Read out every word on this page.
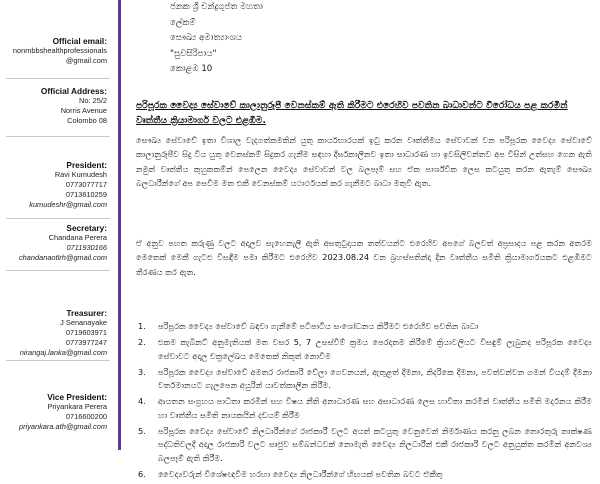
Official email:
nonmbbshealthprofessionals
@gmail.com
Official Address:
No: 25/2
Norris Avenue
Colombo 08
President:
Ravi Kumudesh
0773077717
0713610259
kumudeshr@gmail.com
Secretary:
Chandana Perera
0711930166
chandanaotlrh@gmail.com
Treasurer:
J Senanayake
0719603971
0773977247
nirangaj.lanka@gmail.com
Vice President:
Priyankara Perera
0716600200
priyankara.ath@gmail.com
ජනක ශ්‍රී චන්ද්‍රගුප්ත මහතා
ලේකම්
සෞඛ්‍ය අමාත්‍යාංශය
"සුවසිරිපාය"
කොළඹ 10
පරිපූරක වෛද්‍ය සේවාවේ කාලානුරූපී වෙනස්කම් ඇති කිරීමට එරෙහිව පවතින බාධාවන්ට විරෝධය පළ කරමින් වෘත්තීය ක්‍රියාමාර්ග වලට එළඹීම.
සෞඛ්‍ය සේවාවේ ඉතා විශාල වැදගත්කමකින් යුතු කාර්යභාරයක් ඉටු කරන වෘත්තීමය සේවාවක් වන පරිපූරක වෛද්‍ය සේවාවේ කාලානුරූපීව සිදු විය යුතු වෙනස්කම් සිදුකර ගැනීම සඳහා දීර්ඝකාලීනව ඉතා සාධාරණ හා ඉවසිලිවන්තව අප විසින් උත්සහ ගෙන ඇති නමුත් වෘත්තීය කුහුකකම්න් පෙලෙන වෛද්‍ය සේවාවන් වල බලපෑම් සහ ඒක පාර්ශ්වික ලෙස කටයුතු කරන ඇතැම් සෞඛ්‍ය බලධාරීන්ගේ අප සෙවීම මත එකී වෙනස්කම් යථාර්ථයක් කර ගැනීමට බාධා මතුවී ඇත.
ඒ අනුව පහත කරුණු වලට අදාලව සැහෙනැලී ඇති අසතුටුදායක තත්වයන්ට එරෙහිව අපගේ බලවත් අප්‍රසාදය පළ කරන අතරම මෙතෙක් මෙකී ගැටළු විසඳීම පමා කිරීමට එරෙහිව 2023.08.24 වන බ්‍රහස්පතින්දා දින වෘත්තීය සමිති ක්‍රියාමාර්ගයකට එළඹීමට තීරණය කර ඇත.
1. පරිපූරක වෛද්‍ය සේවාවේ බඳවා ගැනීමේ පටිපාටිය සංශෝධනය කිරීමට එරෙහිව පවතින බාධා
2. එකම කැබිනට් අනුමැතියක් මත වසර 5, 7 උසස්වීම් ක්‍රමය පෙරදාතම කිරීමේ ක්‍රියාවලියට විසඳුම් ලැබුනද පරිපූරක වෛද්‍ය සේවාවට අදාල චක්‍රලේඛය මෙතෙක් නිකුත් නොවීම
3. පරිපූරක වෛද්‍ය සේවාවේ අමතර රාජකාරි වේලා ගෙවනයන්, ඇතුළත් දීමනා, නිදරිකෙ දීමනා, පවත්වන්වන ගමන් වියදම් දීමනා වර්තමානයට ගැලපෙන අයුරින් යාවත්කාලීන කිරීම.
4. ආයතන සංග්‍රහය පාධිතා කරමින් සහ විෂය නීති අනාධාරණ සහ අසාධාරණ ලෙස හාවිතා කරමින් වෘත්තීය සමිති මර්දනය කිරීම හා වෘත්තීය සමිති නායකයින් දඩයම් කිරීම
5. පරිපූරක වෛද්‍ය සේවාවේ නිලධාරීන්ගේ රාජකාරී වලට අයත් කටයුතු වෙනුවෙන් නිර්මාණය කරනු ලබන තොරතුරු තාක්ෂණ පද්ධතිවලදී අදාල රාජකාරි වලට සෘජුව සම්බන්ධවක් නොමැති වෛද්‍ය නිලධාරීන් එකී රාජකාරි වලට අනුයුක්ත කරමින් අනවශ්‍ය බලපෑම් ඇති කිරීම.
6. වෛද්‍යවරුන් විශේෂඥවීම හරහා වෛද්‍ය නිලධාරීන්ගේ හිඟයක් පවතින බවට ඒකීතු
